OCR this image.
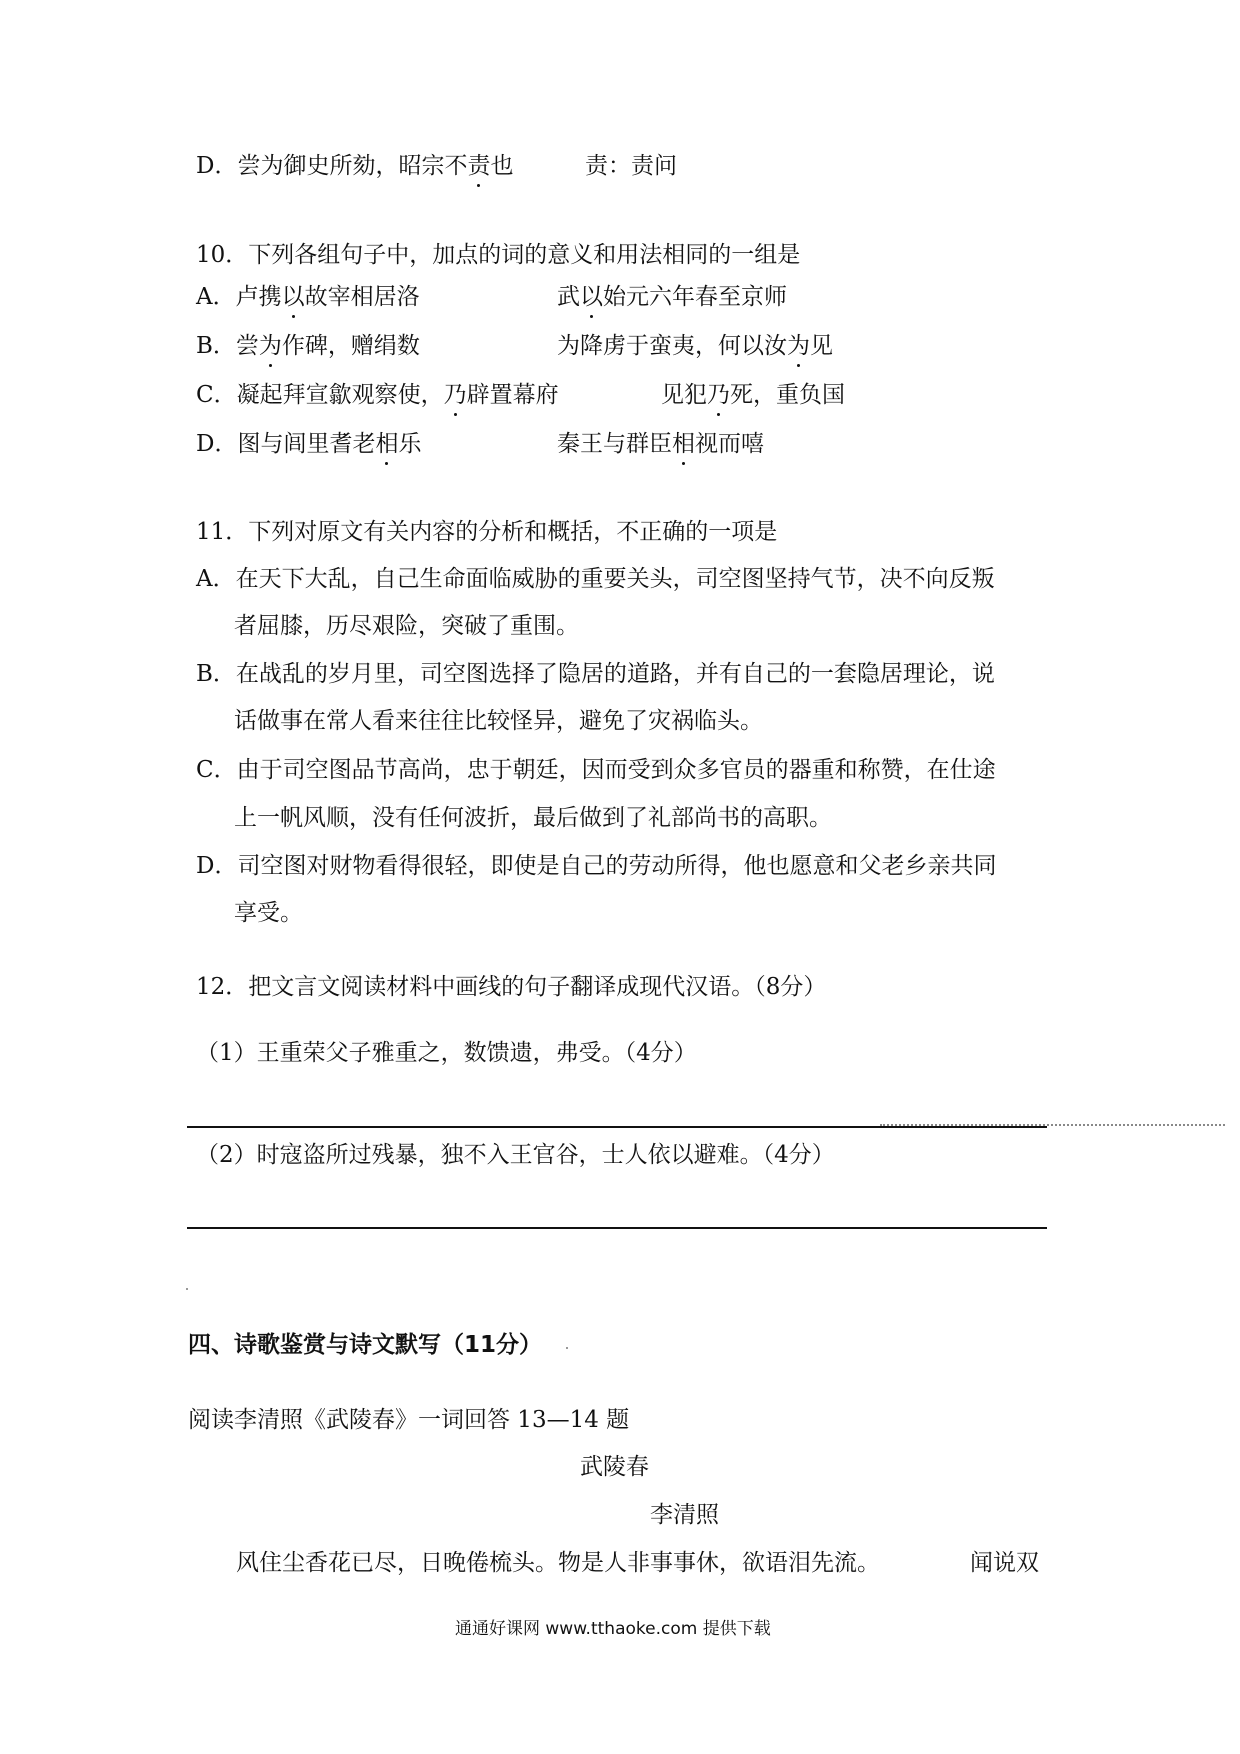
D．尝为御史所劾，昭宗不责也	责：责问
10．下列各组句子中，加点的词的意义和用法相同的一组是
A．卢携以故宰相居洛	武以始元六年春至京师
B．尝为作碑，赠绢数	为降虏于蛮夷，何以汝为见
C．凝起拜宣歙观察使，乃辟置幕府	见犯乃死，重负国
D．图与闾里耆老相乐	秦王与群臣相视而嘻
11．下列对原文有关内容的分析和概括，不正确的一项是
A．在天下大乱，自己生命面临威胁的重要关头，司空图坚持气节，决不向反叛
者屈膝，历尽艰险，突破了重围。
B．在战乱的岁月里，司空图选择了隐居的道路，并有自己的一套隐居理论，说
话做事在常人看来往往比较怪异，避免了灾祸临头。
C．由于司空图品节高尚，忠于朝廷，因而受到众多官员的器重和称赞，在仕途
上一帆风顺，没有任何波折，最后做到了礼部尚书的高职。
D．司空图对财物看得很轻，即使是自己的劳动所得，他也愿意和父老乡亲共同
享受。
12．把文言文阅读材料中画线的句子翻译成现代汉语。（8分）
（1）王重荣父子雅重之，数馈遗，弗受。（4分）
（2）时寇盗所过残暴，独不入王官谷，士人依以避难。（4分）
四、诗歌鉴赏与诗文默写（11分）
阅读李清照《武陵春》一词回答 13—14 题
武陵春
李清照
风住尘香花已尽，日晚倦梳头。物是人非事事休，欲语泪先流。	闻说双
通通好课网 www.tthaoke.com 提供下载
